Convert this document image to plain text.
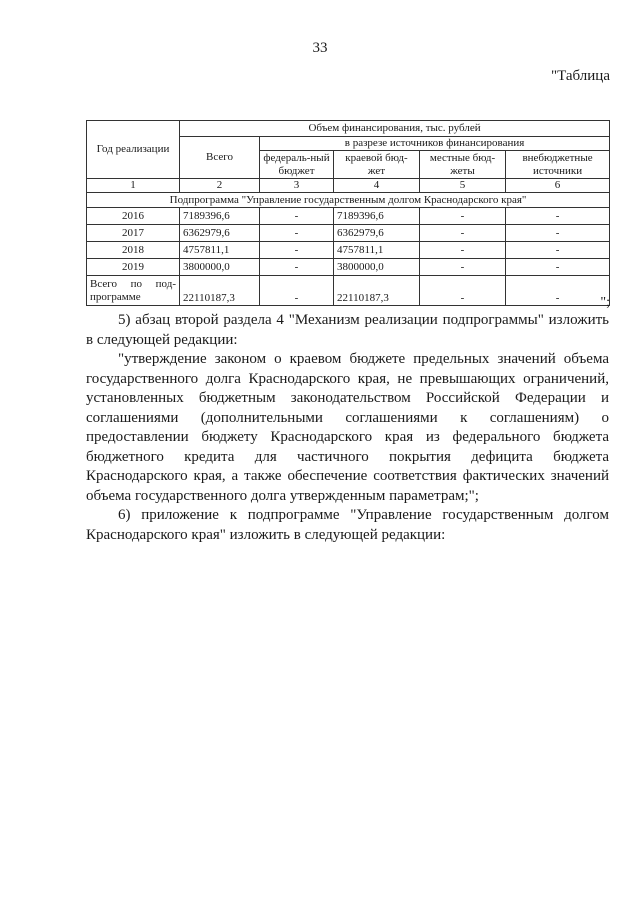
33
"Таблица
Год реализации	Объем финансирования, тыс. рублей				
	Всего	в разрезе источников финансирования			
		федераль-ный бюджет	краевой бюд-жет	местные бюд-жеты	внебюджетные источники
1	2	3	4	5	6
Подпрограмма "Управление государственным долгом Краснодарского края"					
2016	7189396,6	-	7189396,6	-	-
2017	6362979,6	-	6362979,6	-	-
2018	4757811,1	-	4757811,1	-	-
2019	3800000,0	-	3800000,0	-	-

Всего по под-
программе	22110187,3	-	22110187,3	-	-	";

5) абзац второй раздела 4 "Механизм реализации подпрограммы" изложить в следующей редакции:

"утверждение законом о краевом бюджете предельных значений объема государственного долга Краснодарского края, не превышающих ограничений, установленных бюджетным законодательством Российской Федерации и соглашениями (дополнительными соглашениями к соглашениям) о предоставлении бюджету Краснодарского края из федерального бюджета бюджетного кредита для частичного покрытия дефицита бюджета Краснодарского края, а также обеспечение соответствия фактических значений объема государственного долга утвержденным параметрам;";

6) приложение к подпрограмме "Управление государственным долгом Краснодарского края" изложить в следующей редакции:
